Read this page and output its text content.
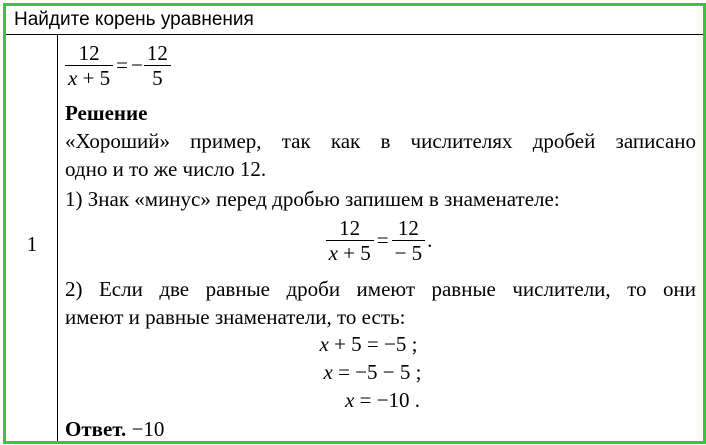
Найдите корень уравнения
1
$\frac{12}{x + 5}$ = − $\frac{12}{5}$
Решение
«Хороший» пример, так как в числителях дробей записано
одно и то же число 12.
1) Знак «минус» перед дробью запишем в знаменателе:
$\frac{12}{x + 5} = \frac{12}{- 5}$ .
2) Если две равные дроби имеют равные числители, то они
имеют и равные знаменатели, то есть:
x + 5 = −5 ;
x = −5 − 5 ;
x = −10 .
Ответ. −10
